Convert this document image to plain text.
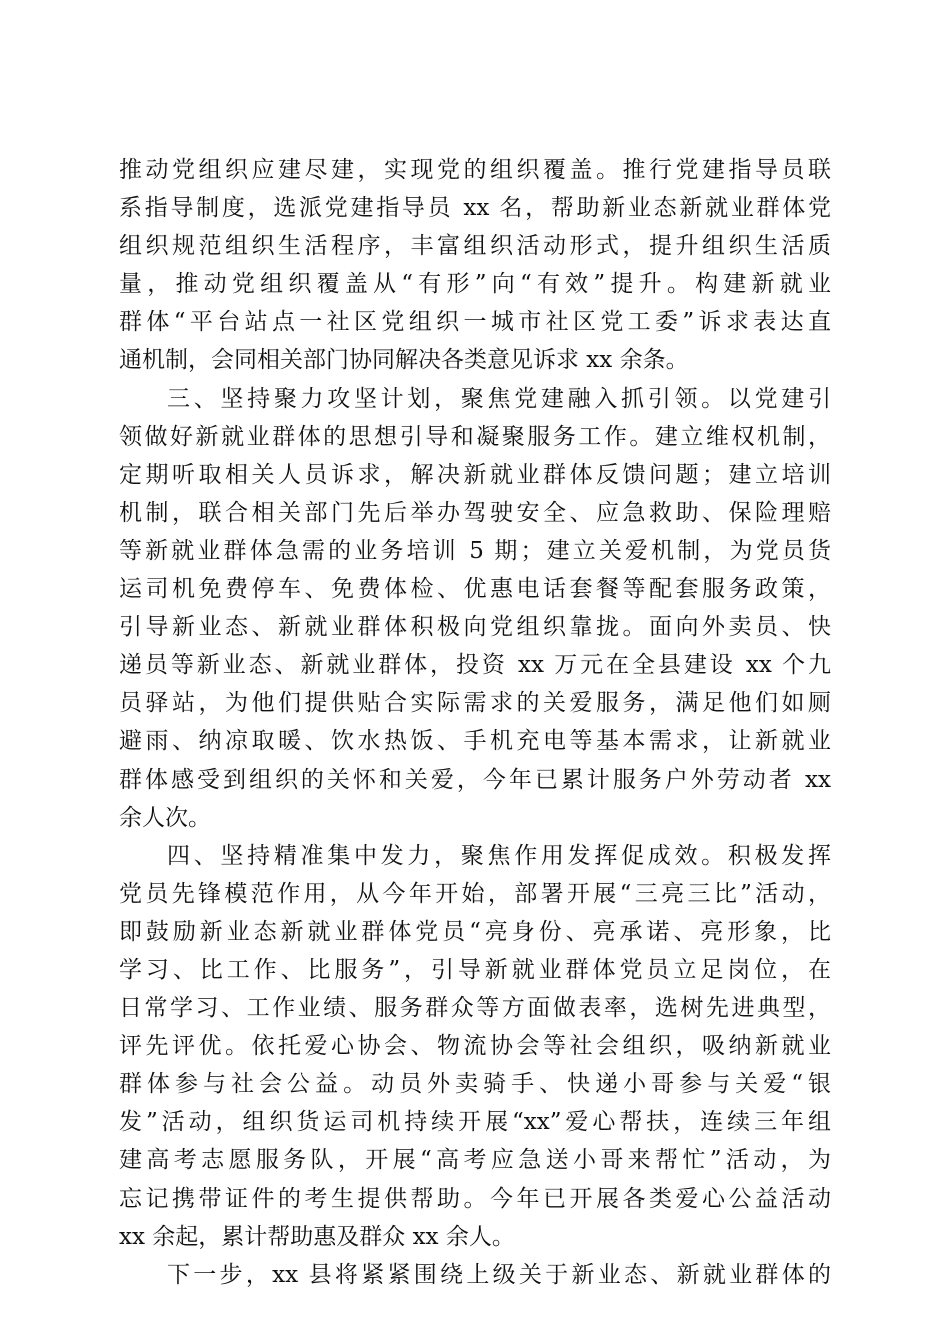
推动党组织应建尽建，实现党的组织覆盖。推行党建指导员联
系指导制度，选派党建指导员 xx 名，帮助新业态新就业群体党
组织规范组织生活程序，丰富组织活动形式，提升组织生活质
量，推动党组织覆盖从“有形”向“有效”提升。构建新就业
群体“平台站点一社区党组织一城市社区党工委”诉求表达直
通机制，会同相关部门协同解决各类意见诉求 xx 余条。
三、坚持聚力攻坚计划，聚焦党建融入抓引领。以党建引
领做好新就业群体的思想引导和凝聚服务工作。建立维权机制，
定期听取相关人员诉求，解决新就业群体反馈问题；建立培训
机制，联合相关部门先后举办驾驶安全、应急救助、保险理赔
等新就业群体急需的业务培训 5 期；建立关爱机制，为党员货
运司机免费停车、免费体检、优惠电话套餐等配套服务政策，
引导新业态、新就业群体积极向党组织靠拢。面向外卖员、快
递员等新业态、新就业群体，投资 xx 万元在全县建设 xx 个九
员驿站，为他们提供贴合实际需求的关爱服务，满足他们如厕
避雨、纳凉取暖、饮水热饭、手机充电等基本需求，让新就业
群体感受到组织的关怀和关爱，今年已累计服务户外劳动者 xx
余人次。
四、坚持精准集中发力，聚焦作用发挥促成效。积极发挥
党员先锋模范作用，从今年开始，部署开展“三亮三比”活动，
即鼓励新业态新就业群体党员“亮身份、亮承诺、亮形象，比
学习、比工作、比服务”，引导新就业群体党员立足岗位，在
日常学习、工作业绩、服务群众等方面做表率，选树先进典型，
评先评优。依托爱心协会、物流协会等社会组织，吸纳新就业
群体参与社会公益。动员外卖骑手、快递小哥参与关爱“银
发”活动，组织货运司机持续开展“xx”爱心帮扶，连续三年组
建高考志愿服务队，开展“高考应急送小哥来帮忙”活动，为
忘记携带证件的考生提供帮助。今年已开展各类爱心公益活动
xx 余起，累计帮助惠及群众 xx 余人。
下一步，xx 县将紧紧围绕上级关于新业态、新就业群体的
